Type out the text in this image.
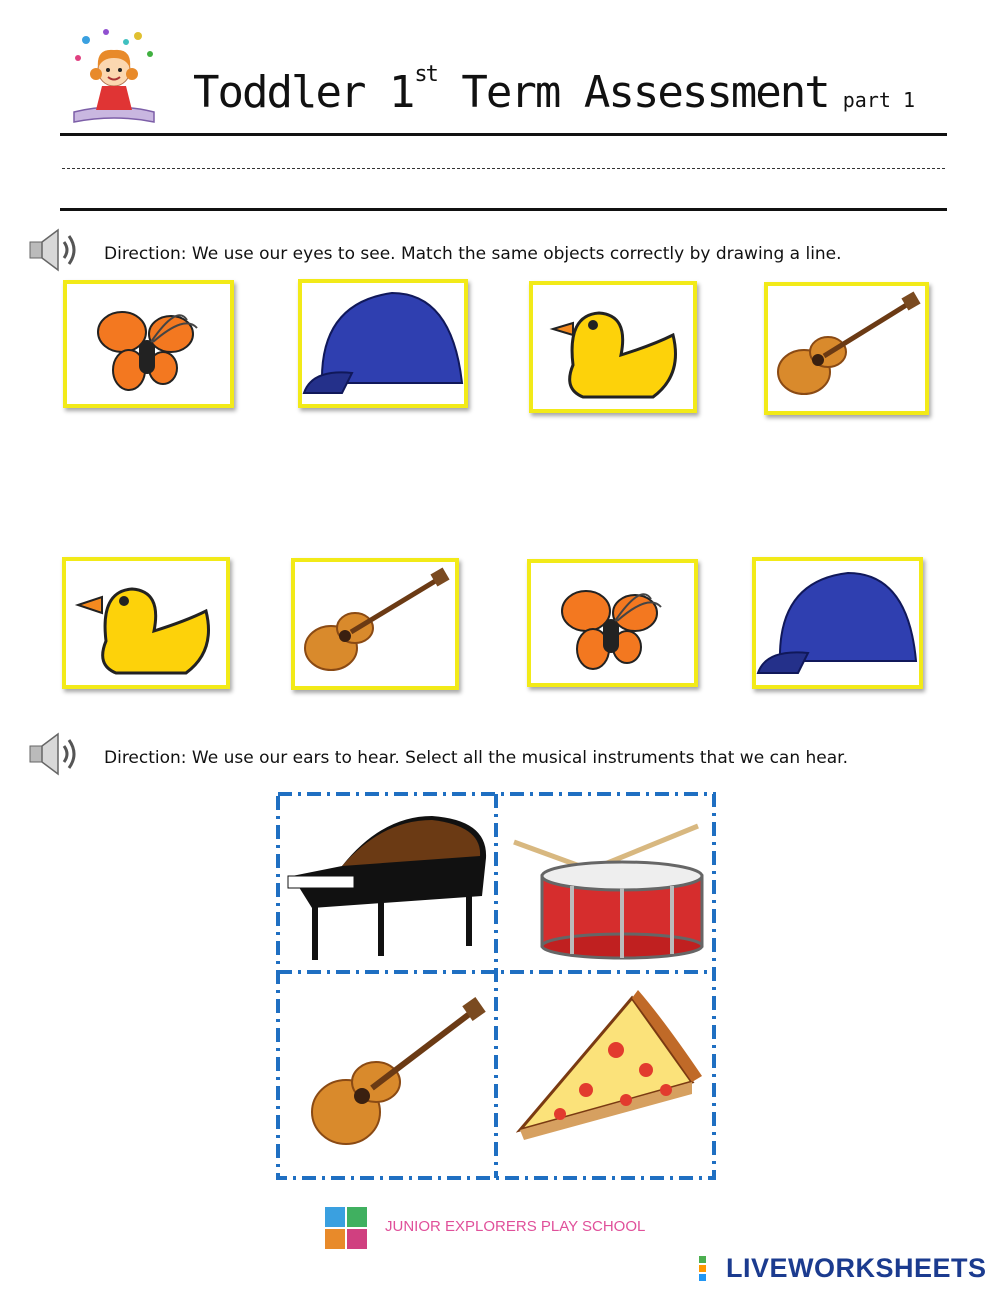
Toddler 1st Term Assessment part 1
Direction: We use our eyes to see. Match the same objects correctly by drawing a line.
Direction: We use our ears to hear. Select all the musical instruments that we can hear.
JUNIOR EXPLORERS PLAY SCHOOL
LIVEWORKSHEETS
